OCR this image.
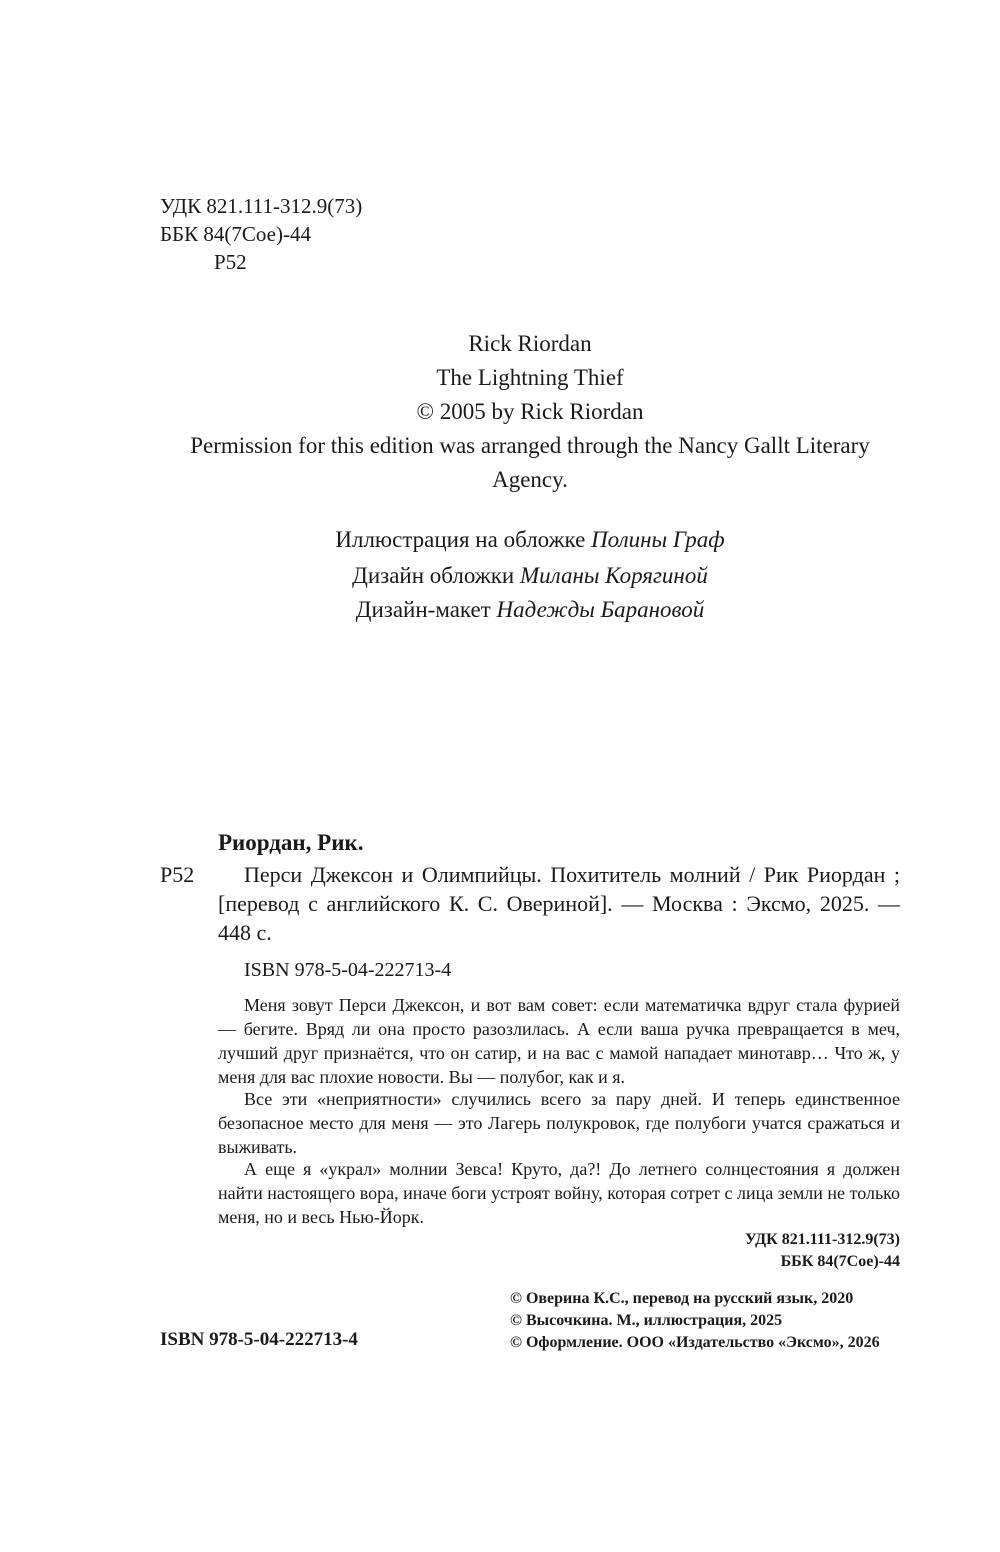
УДК 821.111-312.9(73)
ББК 84(7Сое)-44
Р52
Rick Riordan
The Lightning Thief
© 2005 by Rick Riordan
Permission for this edition was arranged through the Nancy Gallt Literary Agency.
Иллюстрация на обложке Полины Граф
Дизайн обложки Миланы Корягиной
Дизайн-макет Надежды Барановой
Риордан, Рик.
Р52	Перси Джексон и Олимпийцы. Похититель молний / Рик Риордан ; [перевод с английского К. С. Овериной]. — Москва : Эксмо, 2025. — 448 с.
ISBN 978-5-04-222713-4
Меня зовут Перси Джексон, и вот вам совет: если математичка вдруг стала фурией — бегите. Вряд ли она просто разозлилась. А если ваша ручка превращается в меч, лучший друг признаётся, что он сатир, и на вас с мамой нападает минотавр… Что ж, у меня для вас плохие новости. Вы — полубог, как и я.
Все эти «неприятности» случились всего за пару дней. И теперь единственное безопасное место для меня — это Лагерь полукровок, где полубоги учатся сражаться и выживать.
А еще я «украл» молнии Зевса! Круто, да?! До летнего солнцестояния я должен найти настоящего вора, иначе боги устроят войну, которая сотрет с лица земли не только меня, но и весь Нью-Йорк.
УДК 821.111-312.9(73)
ББК 84(7Сое)-44
ISBN 978-5-04-222713-4
© Оверина К.С., перевод на русский язык, 2020
© Высочкина. М., иллюстрация, 2025
© Оформление. ООО «Издательство «Эксмо», 2026
